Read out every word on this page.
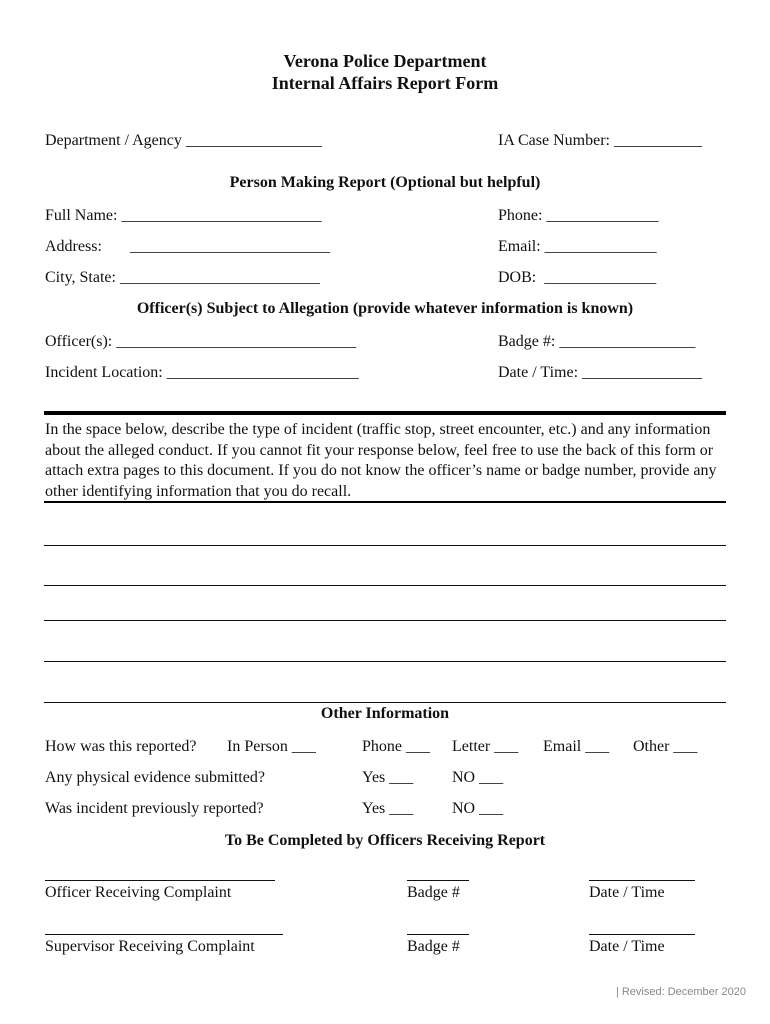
Verona Police Department
Internal Affairs Report Form
Department / Agency _________________	IA Case Number: ___________
Person Making Report (Optional but helpful)
Full Name: _________________________	Phone: ______________
Address: _________________________	Email: ______________
City, State: _________________________	DOB:  ______________
Officer(s) Subject to Allegation (provide whatever information is known)
Officer(s): ______________________________	Badge #: _________________
Incident Location: ________________________	Date / Time: _______________
In the space below, describe the type of incident (traffic stop, street encounter, etc.) and any information about the alleged conduct. If you cannot fit your response below, feel free to use the back of this form or attach extra pages to this document. If you do not know the officer’s name or badge number, provide any other identifying information that you do recall.
Other Information
How was this reported? In Person ___	Phone ___ Letter ___ Email ___ Other ___
Any physical evidence submitted?	Yes ___ NO ___
Was incident previously reported?	Yes ___ NO ___
To Be Completed by Officers Receiving Report
Officer Receiving Complaint	Badge #	Date / Time
Supervisor Receiving Complaint	Badge #	Date / Time
| Revised: December 2020
